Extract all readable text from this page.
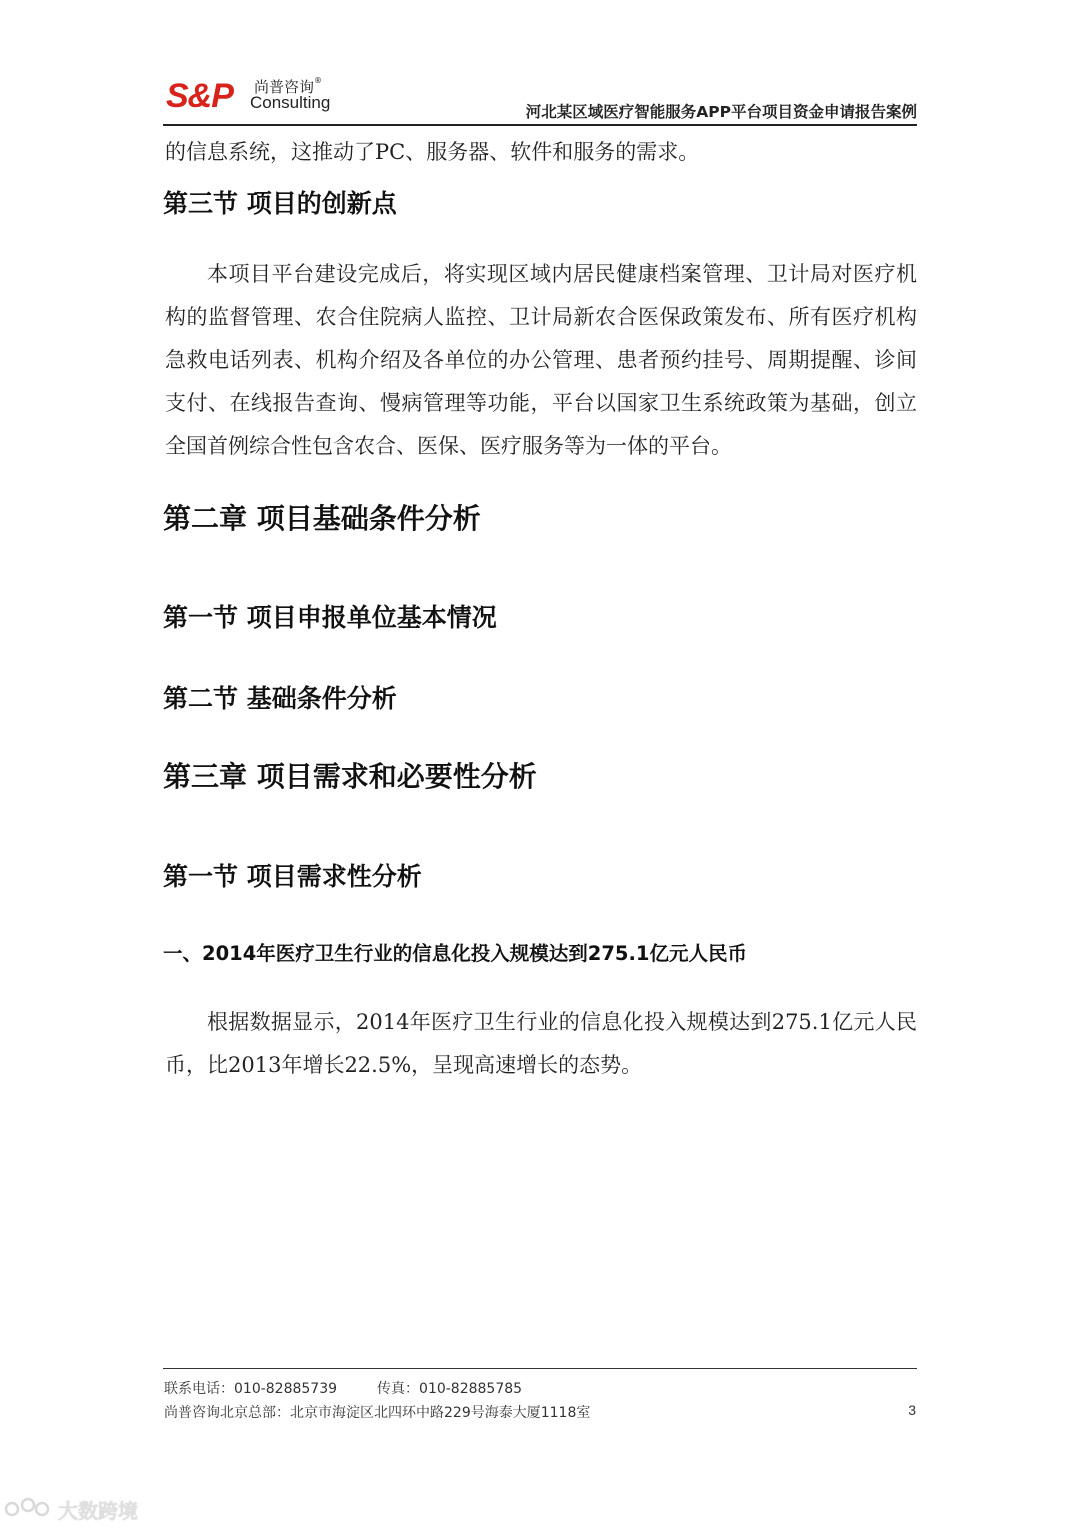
S&P 尚普咨询®
Consulting	河北某区域医疗智能服务APP平台项目资金申请报告案例
的信息系统，这推动了PC、服务器、软件和服务的需求。
第三节 项目的创新点
本项目平台建设完成后，将实现区域内居民健康档案管理、卫计局对医疗机构的监督管理、农合住院病人监控、卫计局新农合医保政策发布、所有医疗机构急救电话列表、机构介绍及各单位的办公管理、患者预约挂号、周期提醒、诊间支付、在线报告查询、慢病管理等功能，平台以国家卫生系统政策为基础，创立全国首例综合性包含农合、医保、医疗服务等为一体的平台。
第二章 项目基础条件分析
第一节 项目申报单位基本情况
第二节 基础条件分析
第三章 项目需求和必要性分析
第一节 项目需求性分析
一、2014年医疗卫生行业的信息化投入规模达到275.1亿元人民币
根据数据显示，2014年医疗卫生行业的信息化投入规模达到275.1亿元人民币，比2013年增长22.5%，呈现高速增长的态势。
联系电话：010-82885739	传真：010-82885785
尚普咨询北京总部：北京市海淀区北四环中路229号海泰大厦1118室	3
大数跨境
